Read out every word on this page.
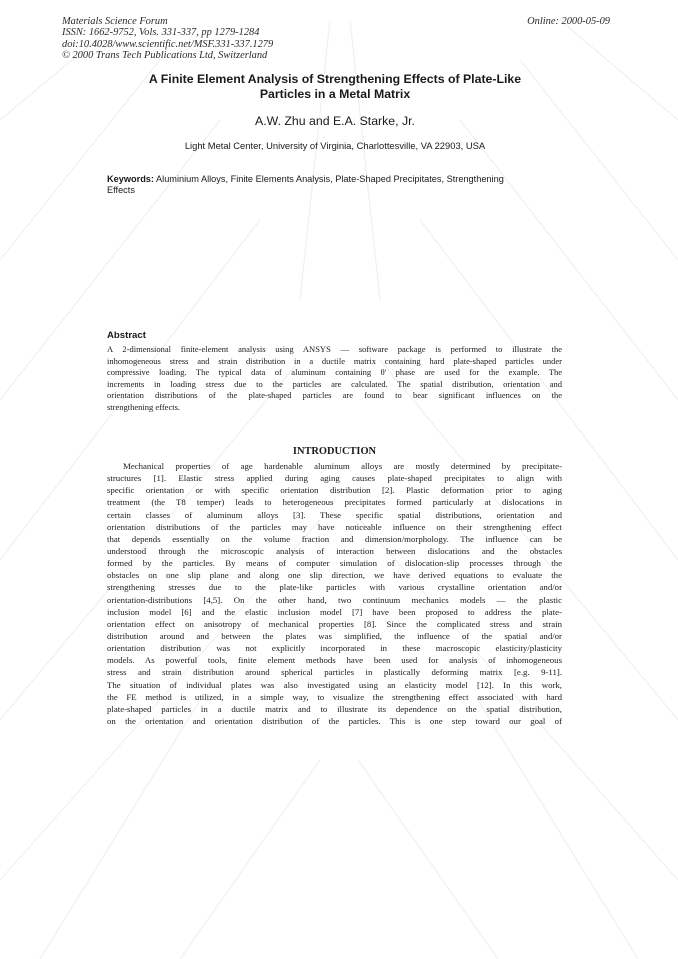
Materials Science Forum
ISSN: 1662-9752, Vols. 331-337, pp 1279-1284
doi:10.4028/www.scientific.net/MSF.331-337.1279
© 2000 Trans Tech Publications Ltd, Switzerland
Online: 2000-05-09
A Finite Element Analysis of Strengthening Effects of Plate-Like
Particles in a Metal Matrix
A.W. Zhu and E.A. Starke, Jr.
Light Metal Center, University of Virginia, Charlottesville, VA 22903, USA
Keywords: Aluminium Alloys, Finite Elements Analysis, Plate-Shaped Precipitates, Strengthening
Effects
Abstract
A 2-dimensional finite-element analysis using ANSYS — software package is performed to illustrate the
inhomogeneous stress and strain distribution in a ductile matrix containing hard plate-shaped particles under
compressive loading. The typical data of aluminum containing θ' phase are used for the example. The
increments in loading stress due to the particles are calculated. The spatial distribution, orientation and
orientation distributions of the plate-shaped particles are found to bear significant influences on the
strengthening effects.
INTRODUCTION
Mechanical properties of age hardenable aluminum alloys are mostly determined by precipitate-
structures [1]. Elastic stress applied during aging causes plate-shaped precipitates to align with
specific orientation or with specific orientation distribution [2]. Plastic deformation prior to aging
treatment (the T8 temper) leads to heterogeneous precipitates formed particularly at dislocations in
certain classes of aluminum alloys [3]. These specific spatial distributions, orientation and
orientation distributions of the particles may have noticeable influence on their strengthening effect
that depends essentially on the volume fraction and dimension/morphology. The influence can be
understood through the microscopic analysis of interaction between dislocations and the obstacles
formed by the particles. By means of computer simulation of dislocation-slip processes through the
obstacles on one slip plane and along one slip direction, we have derived equations to evaluate the
strengthening stresses due to the plate-like particles with various crystalline orientation and/or
orientation-distributions [4,5]. On the other hand, two continuum mechanics models — the plastic
inclusion model [6] and the elastic inclusion model [7] have been proposed to address the plate-
orientation effect on anisotropy of mechanical properties [8]. Since the complicated stress and strain
distribution around and between the plates was simplified, the influence of the spatial and/or
orientation distribution was not explicitly incorporated in these macroscopic elasticity/plasticity
models. As powerful tools, finite element methods have been used for analysis of inhomogeneous
stress and strain distribution around spherical particles in plastically deforming matrix [e.g. 9-11].
The situation of individual plates was also investigated using an elasticity model [12]. In this work,
the FE method is utilized, in a simple way, to visualize the strengthening effect associated with hard
plate-shaped particles in a ductile matrix and to illustrate its dependence on the spatial distribution,
on the orientation and orientation distribution of the particles. This is one step toward our goal of
